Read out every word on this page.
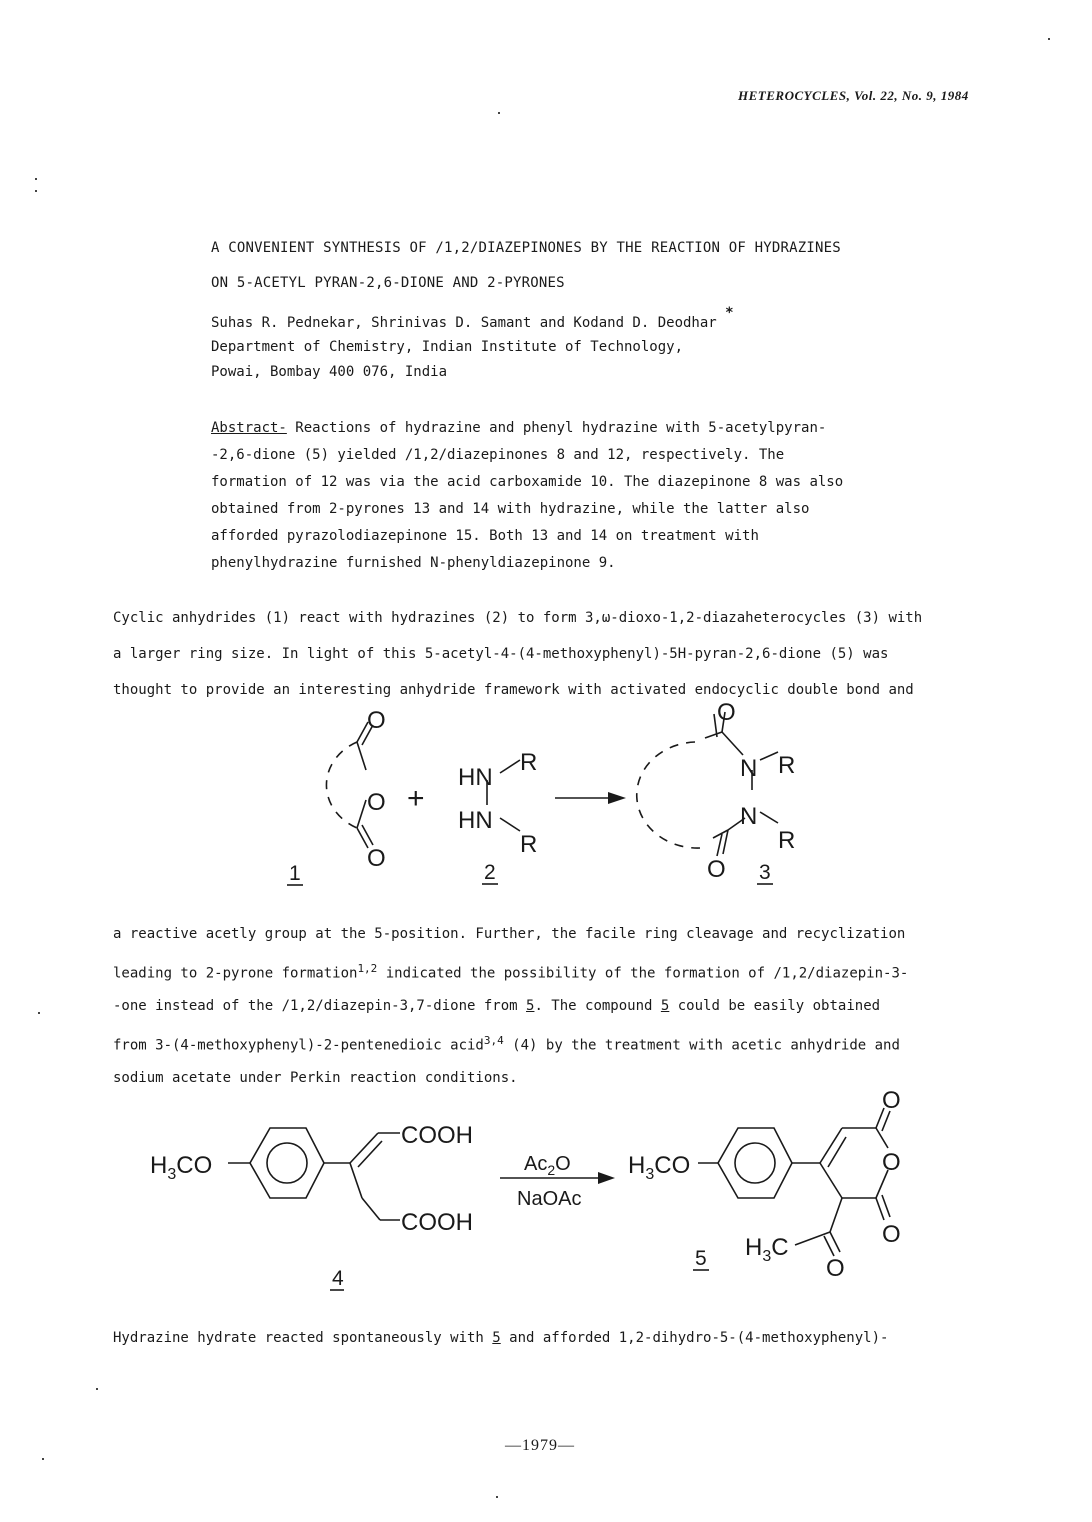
HETEROCYCLES, Vol. 22, No. 9, 1984
A CONVENIENT SYNTHESIS OF /1,2/DIAZEPINONES BY THE REACTION OF HYDRAZINES
ON 5-ACETYL PYRAN-2,6-DIONE AND 2-PYRONES
Suhas R. Pednekar, Shrinivas D. Samant and Kodand D. Deodhar *
Department of Chemistry, Indian Institute of Technology,
Powai, Bombay 400 076, India
Abstract- Reactions of hydrazine and phenyl hydrazine with 5-acetylpyran-
-2,6-dione (5) yielded /1,2/diazepinones 8 and 12, respectively. The
formation of 12 was via the acid carboxamide 10. The diazepinone 8 was also
obtained from 2-pyrones 13 and 14 with hydrazine, while the latter also
afforded pyrazolodiazepinone 15. Both 13 and 14 on treatment with
phenylhydrazine furnished N-phenyldiazepinone 9.
Cyclic anhydrides (1) react with hydrazines (2) to form 3,ω-dioxo-1,2-diazaheterocycles (3) with
a larger ring size. In light of this 5-acetyl-4-(4-methoxyphenyl)-5H-pyran-2,6-dione (5) was
thought to provide an interesting anhydride framework with activated endocyclic double bond and
O
O
O
+
HN
R
HN
R
O
N R
N
R
O
1	2	3
a reactive acetly group at the 5-position. Further, the facile ring cleavage and recyclization
leading to 2-pyrone formation$^{1,2}$ indicated the possibility of the formation of /1,2/diazepin-3-
-one instead of the /1,2/diazepin-3,7-dione from 5. The compound 5 could be easily obtained
from 3-(4-methoxyphenyl)-2-pentenedioic acid$^{3,4}$ (4) by the treatment with acetic anhydride and
sodium acetate under Perkin reaction conditions.
$H_3CO$
COOH
COOH
$Ac_2O$
NaOAc
$H_3CO$
O
O
O
$H_3C$
O
4
5
Hydrazine hydrate reacted spontaneously with 5 and afforded 1,2-dihydro-5-(4-methoxyphenyl)-
—1979—
